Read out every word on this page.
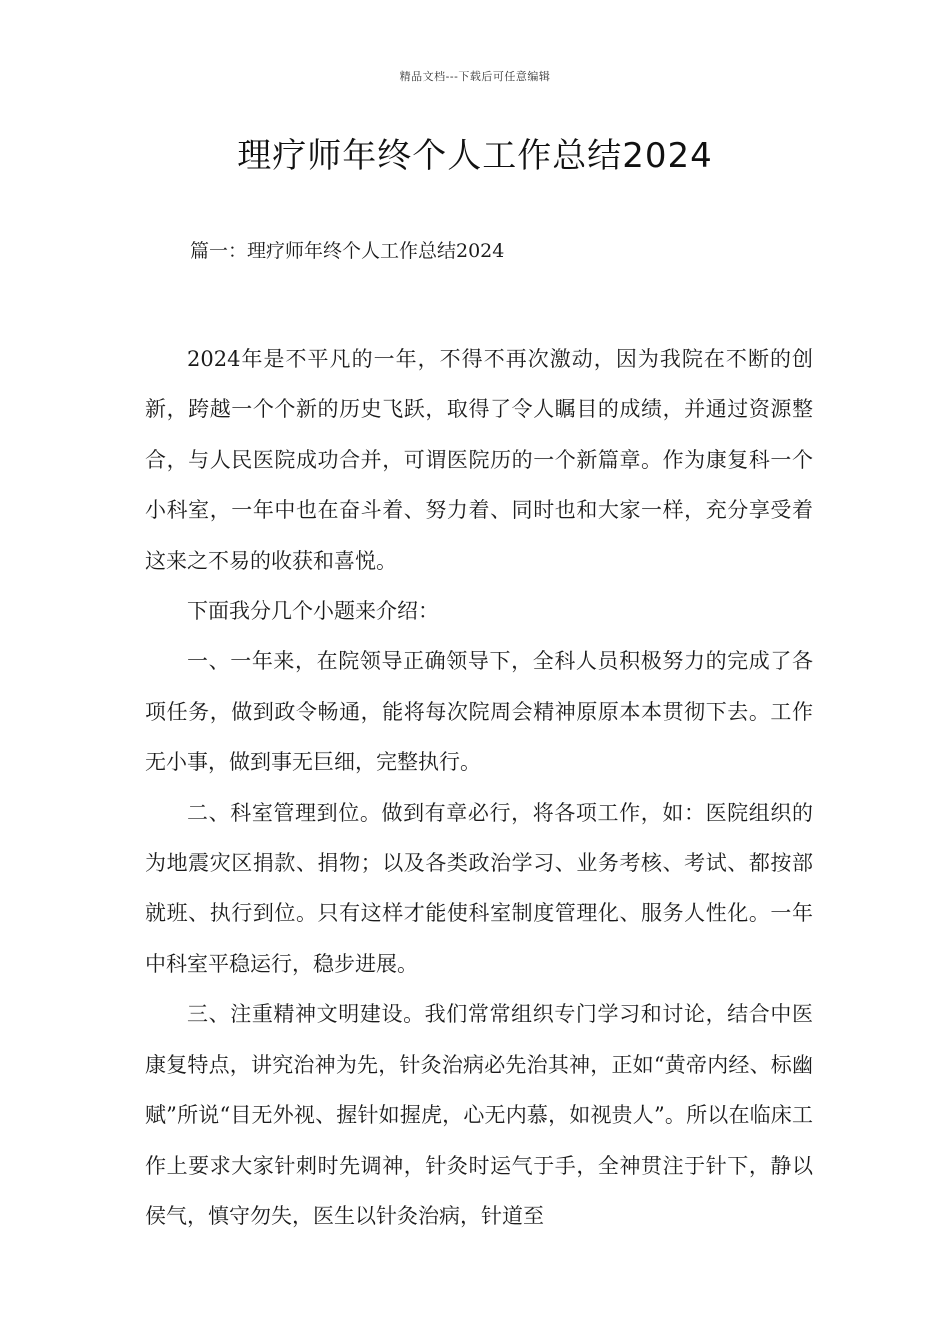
精品文档---下载后可任意编辑
理疗师年终个人工作总结2024
篇一：理疗师年终个人工作总结2024

2024年是不平凡的一年，不得不再次激动，因为我院在不断的创新，跨越一个个新的历史飞跃，取得了令人瞩目的成绩，并通过资源整合，与人民医院成功合并，可谓医院历的一个新篇章。作为康复科一个小科室，一年中也在奋斗着、努力着、同时也和大家一样，充分享受着这来之不易的收获和喜悦。

下面我分几个小题来介绍：

一、一年来，在院领导正确领导下，全科人员积极努力的完成了各项任务，做到政令畅通，能将每次院周会精神原原本本贯彻下去。工作无小事，做到事无巨细，完整执行。

二、科室管理到位。做到有章必行，将各项工作，如：医院组织的为地震灾区捐款、捐物；以及各类政治学习、业务考核、考试、都按部就班、执行到位。只有这样才能使科室制度管理化、服务人性化。一年中科室平稳运行，稳步进展。

三、注重精神文明建设。我们常常组织专门学习和讨论，结合中医康复特点，讲究治神为先，针灸治病必先治其神，正如“黄帝内经、标幽赋”所说“目无外视、握针如握虎，心无内慕，如视贵人”。所以在临床工作上要求大家针刺时先调神，针灸时运气于手，全神贯注于针下，静以侯气，慎守勿失，医生以针灸治病，针道至
